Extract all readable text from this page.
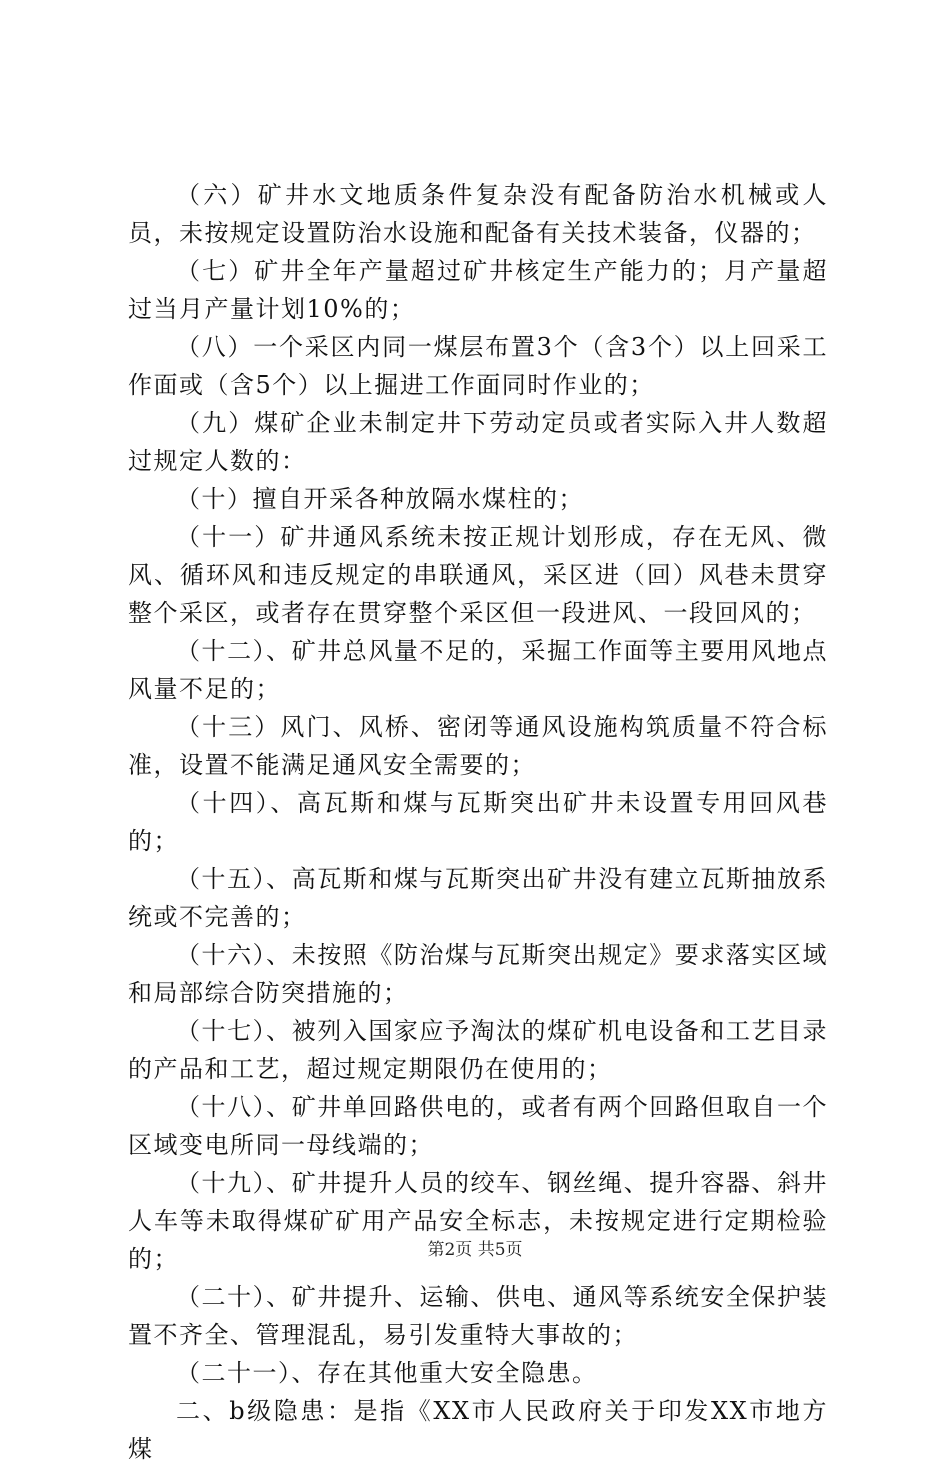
（六）矿井水文地质条件复杂没有配备防治水机械或人员，未按规定设置防治水设施和配备有关技术装备，仪器的；

（七）矿井全年产量超过矿井核定生产能力的；月产量超过当月产量计划10%的；

（八）一个采区内同一煤层布置3个（含3个）以上回采工作面或（含5个）以上掘进工作面同时作业的；

（九）煤矿企业未制定井下劳动定员或者实际入井人数超过规定人数的：

（十）擅自开采各种放隔水煤柱的；

（十一）矿井通风系统未按正规计划形成，存在无风、微风、循环风和违反规定的串联通风，采区进（回）风巷未贯穿整个采区，或者存在贯穿整个采区但一段进风、一段回风的；

（十二）、矿井总风量不足的，采掘工作面等主要用风地点风量不足的；

（十三）风门、风桥、密闭等通风设施构筑质量不符合标准，设置不能满足通风安全需要的；

（十四）、高瓦斯和煤与瓦斯突出矿井未设置专用回风巷的；

（十五）、高瓦斯和煤与瓦斯突出矿井没有建立瓦斯抽放系统或不完善的；

（十六）、未按照《防治煤与瓦斯突出规定》要求落实区域和局部综合防突措施的；

（十七）、被列入国家应予淘汰的煤矿机电设备和工艺目录的产品和工艺，超过规定期限仍在使用的；

（十八）、矿井单回路供电的，或者有两个回路但取自一个区域变电所同一母线端的；

（十九）、矿井提升人员的绞车、钢丝绳、提升容器、斜井人车等未取得煤矿矿用产品安全标志，未按规定进行定期检验的；

（二十）、矿井提升、运输、供电、通风等系统安全保护装置不齐全、管理混乱，易引发重特大事故的；

（二十一）、存在其他重大安全隐患。

二、b级隐患：是指《XX市人民政府关于印发XX市地方煤

第2页 共5页
